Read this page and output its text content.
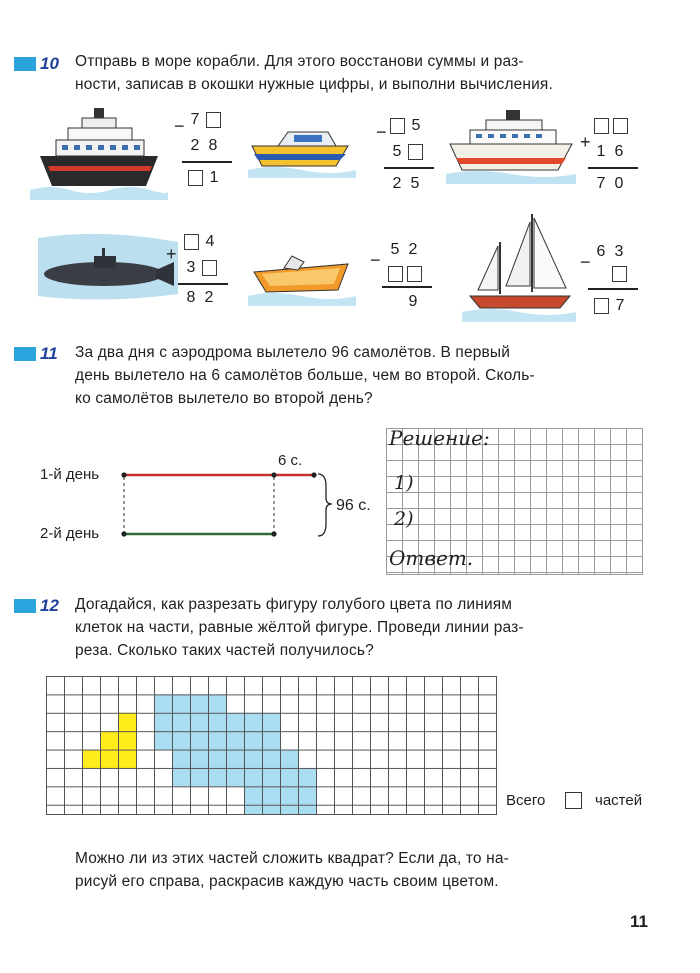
10 Отправь в море корабли. Для этого восстанови суммы и раз-
ности, записав в окошки нужные цифры, и выполни вычисления.
− 7
2 8
1
− 5
5
2 5
+ 1 6
7 0
+
4
3
8 2
−
5 2
9
−
6 3
7
11 За два дня с аэродрома вылетело 96 самолётов. В первый
день вылетело на 6 самолётов больше, чем во второй. Сколь-
ко самолётов вылетело во второй день?
1-й день
2-й день
6 с.
96 с.
Решение:
1)
2)
Ответ.
12 Догадайся, как разрезать фигуру голубого цвета по линиям
клеток на части, равные жёлтой фигуре. Проведи линии раз-
реза. Сколько таких частей получилось?
Всего	частей
Можно ли из этих частей сложить квадрат? Если да, то на-
рисуй его справа, раскрасив каждую часть своим цветом.
11
